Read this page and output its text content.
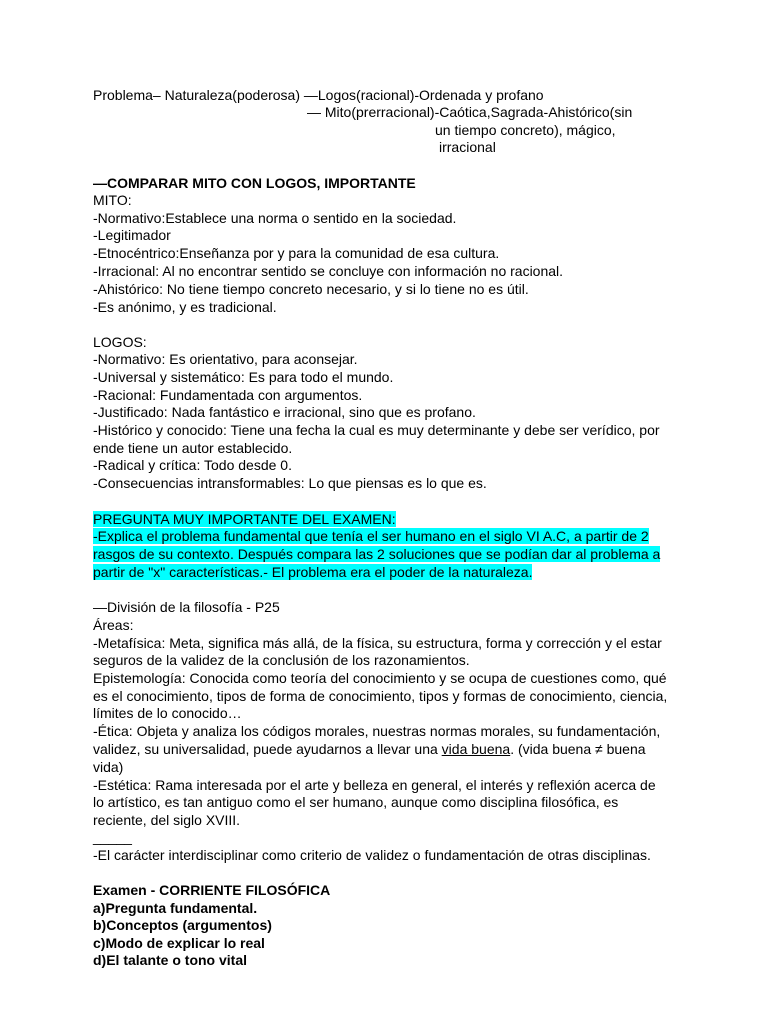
Problema– Naturaleza(poderosa) —Logos(racional)-Ordenada y profano
— Mito(prerracional)-Caótica,Sagrada-Ahistórico(sin
un tiempo concreto), mágico,
irracional
—COMPARAR MITO CON LOGOS, IMPORTANTE
MITO:
-Normativo:Establece una norma o sentido en la sociedad.
-Legitimador
-Etnocéntrico:Enseñanza por y para la comunidad de esa cultura.
-Irracional: Al no encontrar sentido se concluye con información no racional.
-Ahistórico: No tiene tiempo concreto necesario, y si lo tiene no es útil.
-Es anónimo, y es tradicional.
LOGOS:
-Normativo: Es orientativo, para aconsejar.
-Universal y sistemático: Es para todo el mundo.
-Racional: Fundamentada con argumentos.
-Justificado: Nada fantástico e irracional, sino que es profano.
-Histórico y conocido: Tiene una fecha la cual es muy determinante y debe ser verídico, por
ende tiene un autor establecido.
-Radical y crítica: Todo desde 0.
-Consecuencias intransformables: Lo que piensas es lo que es.
PREGUNTA MUY IMPORTANTE DEL EXAMEN:
-Explica el problema fundamental que tenía el ser humano en el siglo VI A.C, a partir de 2
rasgos de su contexto. Después compara las 2 soluciones que se podían dar al problema a
partir de "x" características.- El problema era el poder de la naturaleza.
—División de la filosofía - P25
Áreas:
-Metafísica: Meta, significa más allá, de la física, su estructura, forma y corrección y el estar
seguros de la validez de la conclusión de los razonamientos.
Epistemología: Conocida como teoría del conocimiento y se ocupa de cuestiones como, qué
es el conocimiento, tipos de forma de conocimiento, tipos y formas de conocimiento, ciencia,
límites de lo conocido…
-Ética: Objeta y analiza los códigos morales, nuestras normas morales, su fundamentación,
validez, su universalidad, puede ayudarnos a llevar una vida buena. (vida buena ≠ buena
vida)
-Estética: Rama interesada por el arte y belleza en general, el interés y reflexión acerca de
lo artístico, es tan antiguo como el ser humano, aunque como disciplina filosófica, es
reciente, del siglo XVIII.
_____
-El carácter interdisciplinar como criterio de validez o fundamentación de otras disciplinas.
Examen - CORRIENTE FILOSÓFICA
a)Pregunta fundamental.
b)Conceptos (argumentos)
c)Modo de explicar lo real
d)El talante o tono vital
